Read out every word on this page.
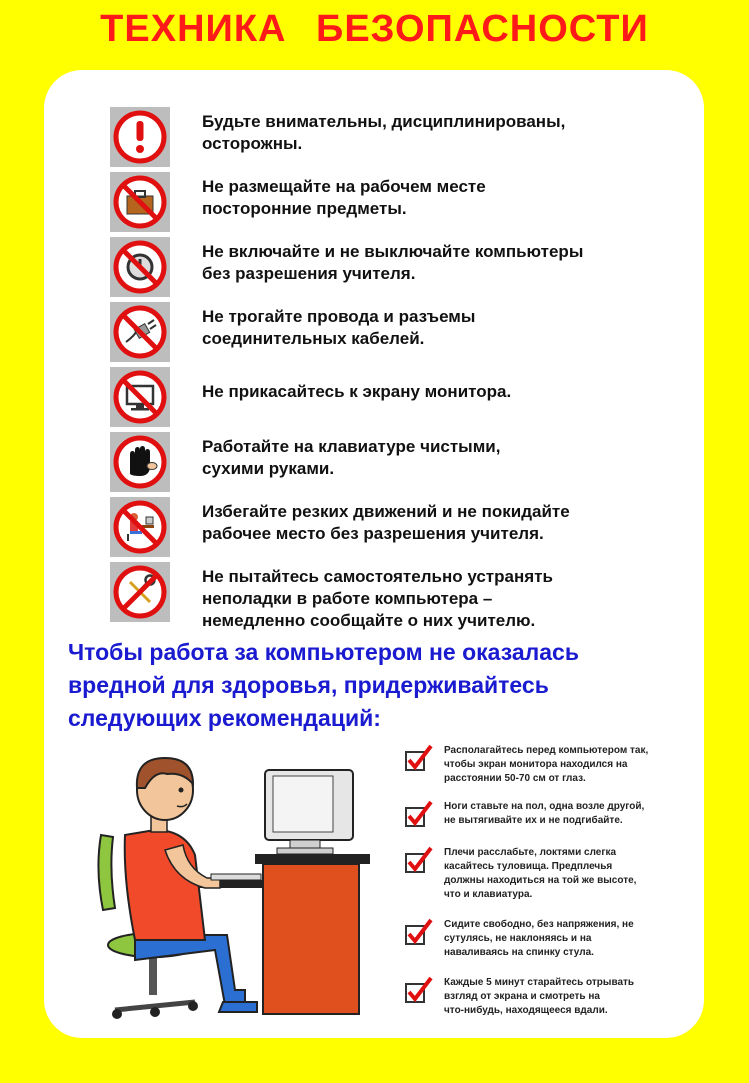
ТЕХНИКА БЕЗОПАСНОСТИ
Будьте внимательны, дисциплинированы,
осторожны.
Не размещайте на рабочем месте
посторонние предметы.
Не включайте и не выключайте компьютеры
без разрешения учителя.
Не трогайте провода и разъемы
соединительных кабелей.
Не прикасайтесь к экрану монитора.
Работайте на клавиатуре чистыми,
сухими руками.
Избегайте резких движений и не покидайте
рабочее место без разрешения учителя.
Не пытайтесь самостоятельно устранять
неполадки в работе компьютера –
немедленно сообщайте о них учителю.
Чтобы работа за компьютером не оказалась
вредной для здоровья, придерживайтесь
следующих рекомендаций:
Располагайтесь перед компьютером так,
чтобы экран монитора находился на
расстоянии 50-70 см от глаз.
Ноги ставьте на пол, одна возле другой,
не вытягивайте их и не подгибайте.
Плечи расслабьте, локтями слегка
касайтесь туловища. Предплечья
должны находиться на той же высоте,
что и клавиатура.
Сидите свободно, без напряжения, не
сутулясь, не наклоняясь и на
наваливаясь на спинку стула.
Каждые 5 минут старайтесь отрывать
взгляд от экрана и смотреть на
что-нибудь, находящееся вдали.
